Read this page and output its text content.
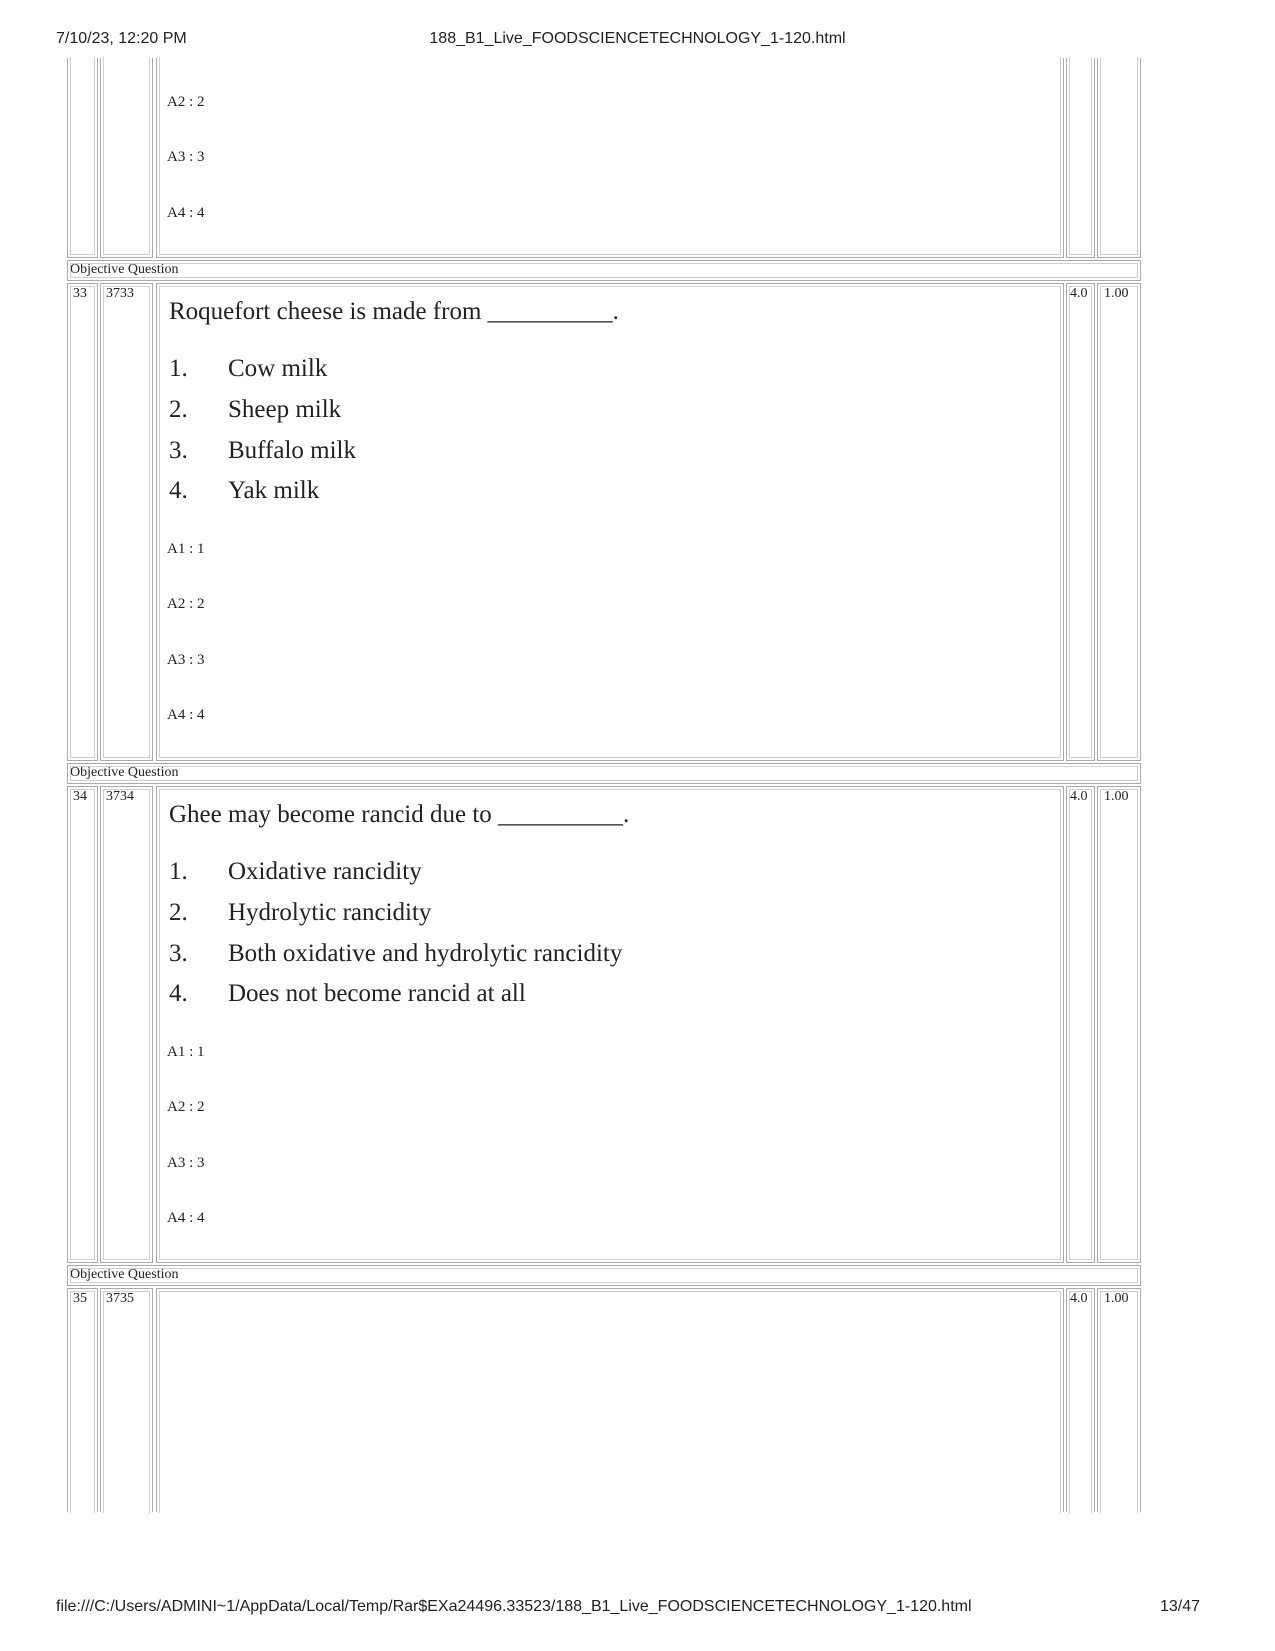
7/10/23, 12:20 PM	188_B1_Live_FOODSCIENCETECHNOLOGY_1-120.html
A2 : 2
A3 : 3
A4 : 4
Objective Question
33 3733
Roquefort cheese is made from __________.
1. Cow milk
2. Sheep milk
3. Buffalo milk
4. Yak milk
A1 : 1
A2 : 2
A3 : 3
A4 : 4
4.0 1.00
Objective Question
34 3734
Ghee may become rancid due to __________.
1. Oxidative rancidity
2. Hydrolytic rancidity
3. Both oxidative and hydrolytic rancidity
4. Does not become rancid at all
A1 : 1
A2 : 2
A3 : 3
A4 : 4
4.0 1.00
Objective Question
35 3735	4.0 1.00
file:///C:/Users/ADMINI~1/AppData/Local/Temp/Rar$EXa24496.33523/188_B1_Live_FOODSCIENCETECHNOLOGY_1-120.html	13/47
